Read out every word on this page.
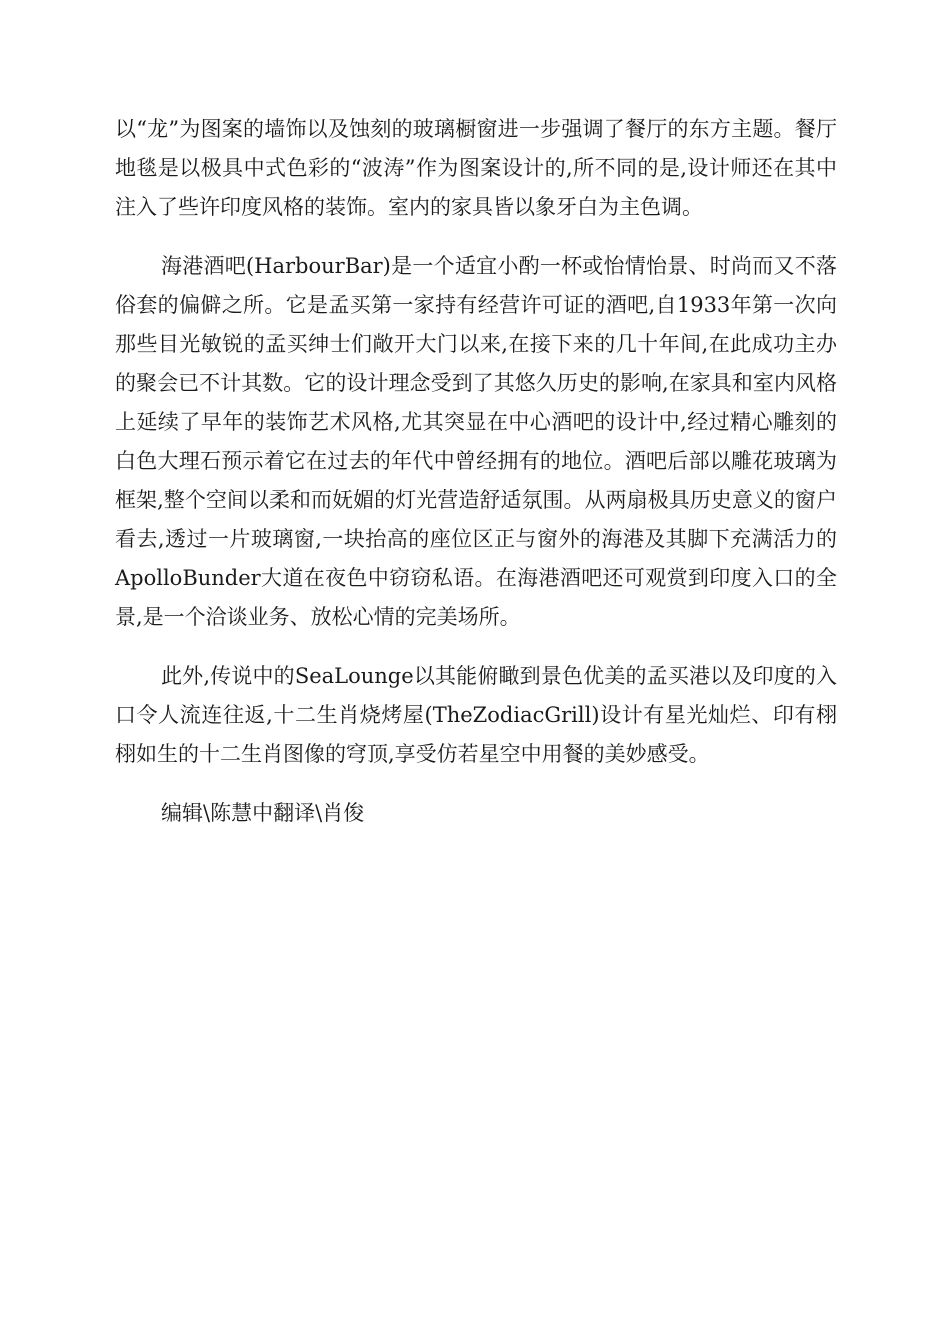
以“龙”为图案的墙饰以及蚀刻的玻璃橱窗进一步强调了餐厅的东方主题。餐厅地毯是以极具中式色彩的“波涛”作为图案设计的,所不同的是,设计师还在其中注入了些许印度风格的装饰。室内的家具皆以象牙白为主色调。

海港酒吧(HarbourBar)是一个适宜小酌一杯或怡情怡景、时尚而又不落俗套的偏僻之所。它是孟买第一家持有经营许可证的酒吧,自1933年第一次向那些目光敏锐的孟买绅士们敞开大门以来,在接下来的几十年间,在此成功主办的聚会已不计其数。它的设计理念受到了其悠久历史的影响,在家具和室内风格上延续了早年的装饰艺术风格,尤其突显在中心酒吧的设计中,经过精心雕刻的白色大理石预示着它在过去的年代中曾经拥有的地位。酒吧后部以雕花玻璃为框架,整个空间以柔和而妩媚的灯光营造舒适氛围。从两扇极具历史意义的窗户看去,透过一片玻璃窗,一块抬高的座位区正与窗外的海港及其脚下充满活力的ApolloBunder大道在夜色中窃窃私语。在海港酒吧还可观赏到印度入口的全景,是一个洽谈业务、放松心情的完美场所。

此外,传说中的SeaLounge以其能俯瞰到景色优美的孟买港以及印度的入口令人流连往返,十二生肖烧烤屋(TheZodiacGrill)设计有星光灿烂、印有栩栩如生的十二生肖图像的穹顶,享受仿若星空中用餐的美妙感受。

编辑\陈慧中翻译\肖俊
